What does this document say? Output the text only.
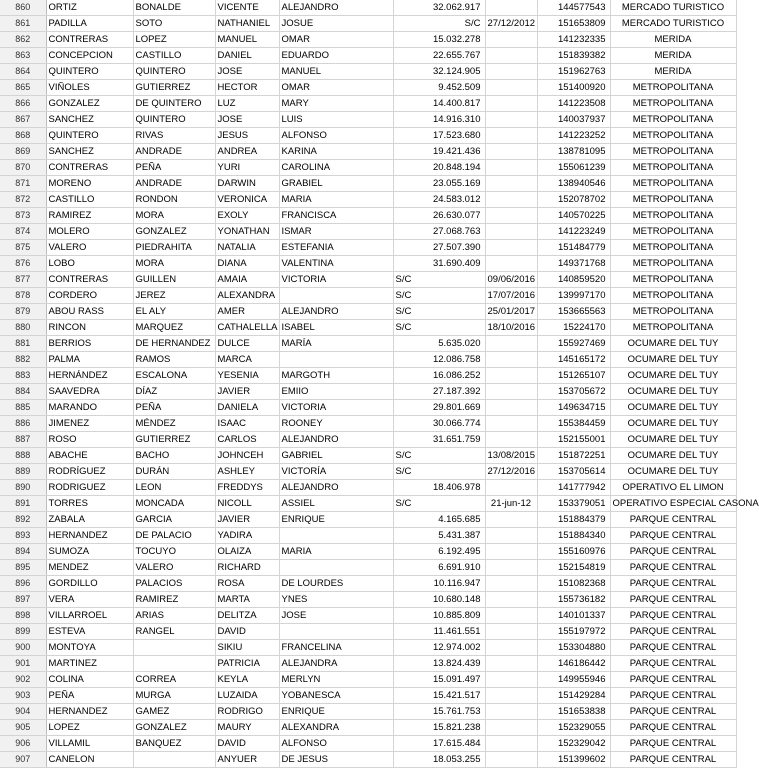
860	ORTIZ	BONALDE	VICENTE	ALEJANDRO	32.062.917		144577543	MERCADO TURISTICO
861	PADILLA	SOTO	NATHANIEL	JOSUE	S/C	27/12/2012	151653809	MERCADO TURISTICO
862	CONTRERAS	LOPEZ	MANUEL	OMAR	15.032.278		141232335	MERIDA
863	CONCEPCION	CASTILLO	DANIEL	EDUARDO	22.655.767		151839382	MERIDA
864	QUINTERO	QUINTERO	JOSE	MANUEL	32.124.905		151962763	MERIDA
865	VIÑOLES	GUTIERREZ	HECTOR	OMAR	9.452.509		151400920	METROPOLITANA
866	GONZALEZ	DE QUINTERO	LUZ	MARY	14.400.817		141223508	METROPOLITANA
867	SANCHEZ	QUINTERO	JOSE	LUIS	14.916.310		140037937	METROPOLITANA
868	QUINTERO	RIVAS	JESUS	ALFONSO	17.523.680		141223252	METROPOLITANA
869	SANCHEZ	ANDRADE	ANDREA	KARINA	19.421.436		138781095	METROPOLITANA
870	CONTRERAS	PEÑA	YURI	CAROLINA	20.848.194		155061239	METROPOLITANA
871	MORENO	ANDRADE	DARWIN	GRABIEL	23.055.169		138940546	METROPOLITANA
872	CASTILLO	RONDON	VERONICA	MARIA	24.583.012		152078702	METROPOLITANA
873	RAMIREZ	MORA	EXOLY	FRANCISCA	26.630.077		140570225	METROPOLITANA
874	MOLERO	GONZALEZ	YONATHAN	ISMAR	27.068.763		141223249	METROPOLITANA
875	VALERO	PIEDRAHITA	NATALIA	ESTEFANIA	27.507.390		151484779	METROPOLITANA
876	LOBO	MORA	DIANA	VALENTINA	31.690.409		149371768	METROPOLITANA
877	CONTRERAS	GUILLEN	AMAIA	VICTORIA	S/C	09/06/2016	140859520	METROPOLITANA
878	CORDERO	JEREZ	ALEXANDRA		S/C	17/07/2016	139997170	METROPOLITANA
879	ABOU RASS	EL ALY	AMER	ALEJANDRO	S/C	25/01/2017	153665563	METROPOLITANA
880	RINCON	MARQUEZ	CATHALELLA	ISABEL	S/C	18/10/2016	15224170	METROPOLITANA
881	BERRIOS	DE HERNANDEZ	DULCE	MARÍA	5.635.020		155927469	OCUMARE DEL TUY
882	PALMA	RAMOS	MARCA		12.086.758		145165172	OCUMARE DEL TUY
883	HERNÁNDEZ	ESCALONA	YESENIA	MARGOTH	16.086.252		151265107	OCUMARE DEL TUY
884	SAAVEDRA	DÍAZ	JAVIER	EMIIO	27.187.392		153705672	OCUMARE DEL TUY
885	MARANDO	PEÑA	DANIELA	VICTORIA	29.801.669		149634715	OCUMARE DEL TUY
886	JIMENEZ	MÉNDEZ	ISAAC	ROONEY	30.066.774		155384459	OCUMARE DEL TUY
887	ROSO	GUTIERREZ	CARLOS	ALEJANDRO	31.651.759		152155001	OCUMARE DEL TUY
888	ABACHE	BACHO	JOHNCEH	GABRIEL	S/C	13/08/2015	151872251	OCUMARE DEL TUY
889	RODRÍGUEZ	DURÁN	ASHLEY	VICTORÍA	S/C	27/12/2016	153705614	OCUMARE DEL TUY
890	RODRIGUEZ	LEON	FREDDYS	ALEJANDRO	18.406.978		141777942	OPERATIVO EL LIMON
891	TORRES	MONCADA	NICOLL	ASSIEL	S/C	21-jun-12	153379051	OPERATIVO ESPECIAL CASONA
892	ZABALA	GARCIA	JAVIER	ENRIQUE	4.165.685		151884379	PARQUE CENTRAL
893	HERNANDEZ	DE PALACIO	YADIRA		5.431.387		151884340	PARQUE CENTRAL
894	SUMOZA	TOCUYO	OLAIZA	MARIA	6.192.495		155160976	PARQUE CENTRAL
895	MENDEZ	VALERO	RICHARD		6.691.910		152154819	PARQUE CENTRAL
896	GORDILLO	PALACIOS	ROSA	DE LOURDES	10.116.947		151082368	PARQUE CENTRAL
897	VERA	RAMIREZ	MARTA	YNES	10.680.148		155736182	PARQUE CENTRAL
898	VILLARROEL	ARIAS	DELITZA	JOSE	10.885.809		140101337	PARQUE CENTRAL
899	ESTEVA	RANGEL	DAVID		11.461.551		155197972	PARQUE CENTRAL
900	MONTOYA		SIKIU	FRANCELINA	12.974.002		153304880	PARQUE CENTRAL
901	MARTINEZ		PATRICIA	ALEJANDRA	13.824.439		146186442	PARQUE CENTRAL
902	COLINA	CORREA	KEYLA	MERLYN	15.091.497		149955946	PARQUE CENTRAL
903	PEÑA	MURGA	LUZAIDA	YOBANESCA	15.421.517		151429284	PARQUE CENTRAL
904	HERNANDEZ	GAMEZ	RODRIGO	ENRIQUE	15.761.753		151653838	PARQUE CENTRAL
905	LOPEZ	GONZALEZ	MAURY	ALEXANDRA	15.821.238		152329055	PARQUE CENTRAL
906	VILLAMIL	BANQUEZ	DAVID	ALFONSO	17.615.484		152329042	PARQUE CENTRAL
907	CANELON		ANYUER	DE JESUS	18.053.255		151399602	PARQUE CENTRAL
